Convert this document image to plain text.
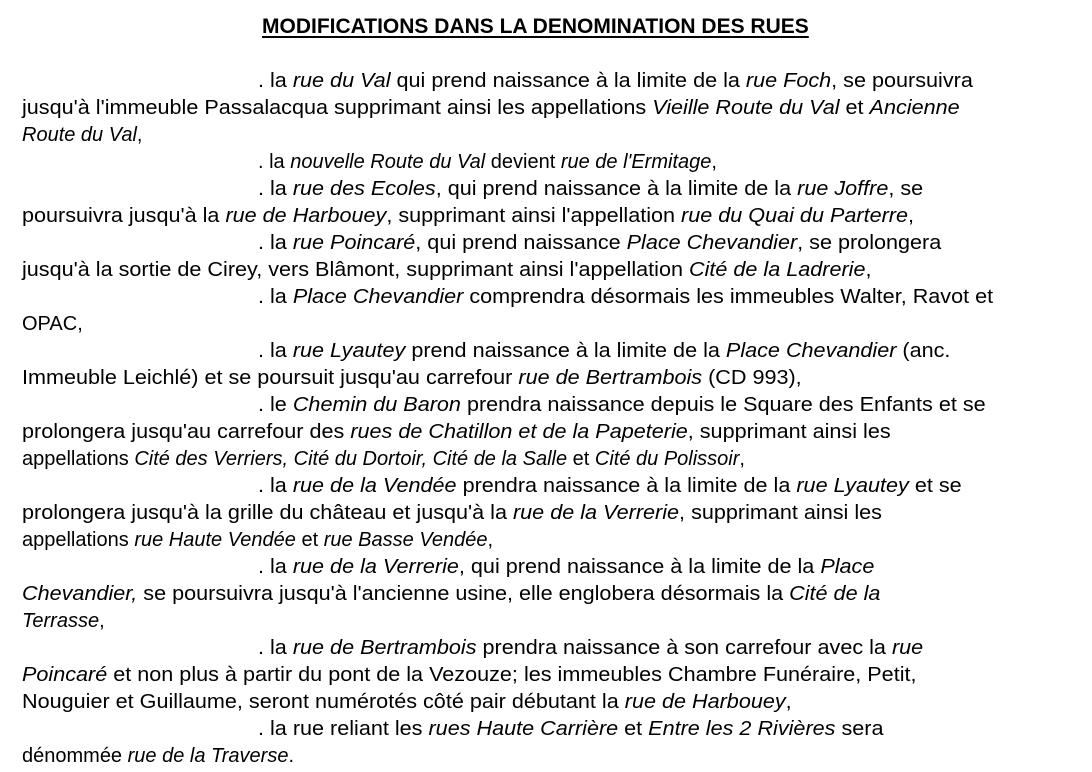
MODIFICATIONS DANS LA DENOMINATION DES RUES
. la rue du Val qui prend naissance à la limite de la rue Foch, se poursuivra
jusqu'à l'immeuble Passalacqua supprimant ainsi les appellations Vieille Route du Val et Ancienne
Route du Val,
. la nouvelle Route du Val devient rue de l'Ermitage,
. la rue des Ecoles, qui prend naissance à la limite de la rue Joffre, se
poursuivra jusqu'à la rue de Harbouey, supprimant ainsi l'appellation rue du Quai du Parterre,
. la rue Poincaré, qui prend naissance Place Chevandier, se prolongera
jusqu'à la sortie de Cirey, vers Blâmont, supprimant ainsi l'appellation Cité de la Ladrerie,
. la Place Chevandier comprendra désormais les immeubles Walter, Ravot et
OPAC,
. la rue Lyautey prend naissance à la limite de la Place Chevandier (anc.
Immeuble Leichlé) et se poursuit jusqu'au carrefour rue de Bertrambois (CD 993),
. le Chemin du Baron prendra naissance depuis le Square des Enfants et se
prolongera jusqu'au carrefour des rues de Chatillon et de la Papeterie, supprimant ainsi les
appellations Cité des Verriers, Cité du Dortoir, Cité de la Salle et Cité du Polissoir,
. la rue de la Vendée prendra naissance à la limite de la rue Lyautey et se
prolongera jusqu'à la grille du château et jusqu'à la rue de la Verrerie, supprimant ainsi les
appellations rue Haute Vendée et rue Basse Vendée,
. la rue de la Verrerie, qui prend naissance à la limite de la Place
Chevandier, se poursuivra jusqu'à l'ancienne usine, elle englobera désormais la Cité de la
Terrasse,
. la rue de Bertrambois prendra naissance à son carrefour avec la rue
Poincaré et non plus à partir du pont de la Vezouze; les immeubles Chambre Funéraire, Petit,
Nouguier et Guillaume, seront numérotés côté pair débutant la rue de Harbouey,
. la rue reliant les rues Haute Carrière et Entre les 2 Rivières sera
dénommée rue de la Traverse.
